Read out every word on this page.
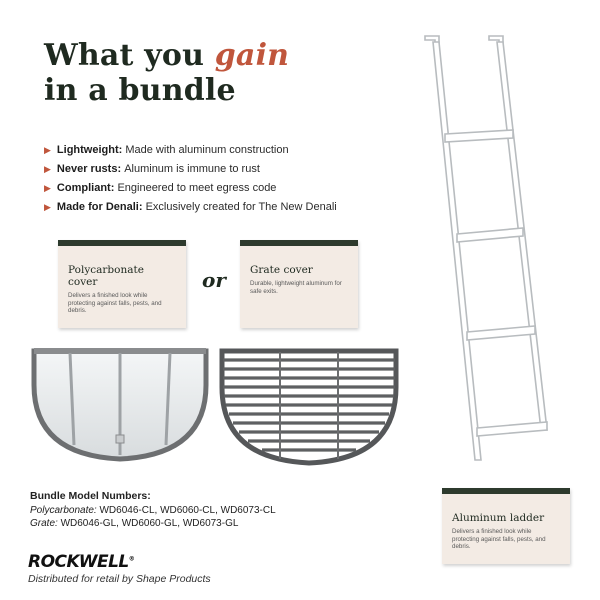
What you gain
in a bundle
▶ Lightweight:
Made with aluminum construction
▶ Never rusts:
Aluminum is immune to rust
▶ Compliant:
Engineered to meet egress code
▶ Made for Denali:
Exclusively created for The New Denali
Polycarbonate cover
Delivers a finished look while protecting against falls, pests, and debris.
or	Grate cover
Durable, lightweight aluminum for safe exits.
Bundle Model Numbers:
Polycarbonate: WD6046-CL, WD6060-CL, WD6073-CL
Grate: WD6046-GL, WD6060-GL, WD6073-GL
ROCKWELL®
Distributed for retail by Shape Products
Aluminum ladder
Delivers a finished look while protecting against falls, pests, and debris.
